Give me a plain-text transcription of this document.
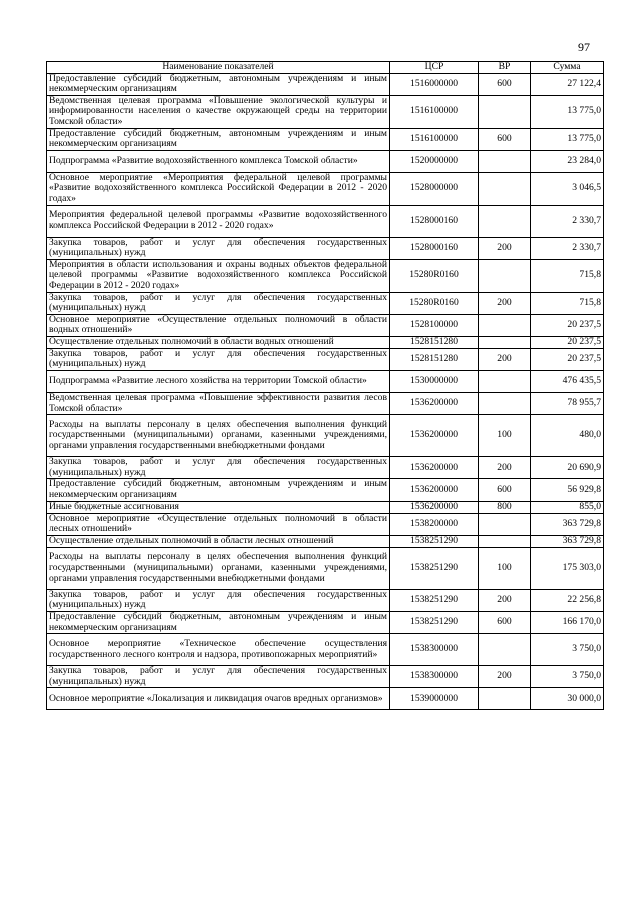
97
Наименование показателей	ЦСР	ВР	Сумма
Предоставление субсидий бюджетным, автономным учреждениям и иным некоммерческим организациям	1516000000	600	27 122,4
Ведомственная целевая программа «Повышение экологической культуры и информированности населения о качестве окружающей среды на территории Томской области»	1516100000		13 775,0
Предоставление субсидий бюджетным, автономным учреждениям и иным некоммерческим организациям	1516100000	600	13 775,0
Подпрограмма «Развитие водохозяйственного комплекса Томской области»	1520000000		23 284,0
Основное мероприятие «Мероприятия федеральной целевой программы «Развитие водохозяйственного комплекса Российской Федерации в 2012 - 2020 годах»	1528000000		3 046,5
Мероприятия федеральной целевой программы «Развитие водохозяйственного комплекса Российской Федерации в 2012 - 2020 годах»	1528000160		2 330,7
Закупка товаров, работ и услуг для обеспечения государственных (муниципальных) нужд	1528000160	200	2 330,7
Мероприятия в области использования и охраны водных объектов федеральной целевой программы «Развитие водохозяйственного комплекса Российской Федерации в 2012 - 2020 годах»	15280R0160		715,8
Закупка товаров, работ и услуг для обеспечения государственных (муниципальных) нужд	15280R0160	200	715,8
Основное мероприятие «Осуществление отдельных полномочий в области водных отношений»	1528100000		20 237,5
Осуществление отдельных полномочий в области водных отношений	1528151280		20 237,5
Закупка товаров, работ и услуг для обеспечения государственных (муниципальных) нужд	1528151280	200	20 237,5
Подпрограмма «Развитие лесного хозяйства на территории Томской области»	1530000000		476 435,5
Ведомственная целевая программа «Повышение эффективности развития лесов Томской области»	1536200000		78 955,7
Расходы на выплаты персоналу в целях обеспечения выполнения функций государственными (муниципальными) органами, казенными учреждениями, органами управления государственными внебюджетными фондами	1536200000	100	480,0
Закупка товаров, работ и услуг для обеспечения государственных (муниципальных) нужд	1536200000	200	20 690,9
Предоставление субсидий бюджетным, автономным учреждениям и иным некоммерческим организациям	1536200000	600	56 929,8
Иные бюджетные ассигнования	1536200000	800	855,0
Основное мероприятие «Осуществление отдельных полномочий в области лесных отношений»	1538200000		363 729,8
Осуществление отдельных полномочий в области лесных отношений	1538251290		363 729,8
Расходы на выплаты персоналу в целях обеспечения выполнения функций государственными (муниципальными) органами, казенными учреждениями, органами управления государственными внебюджетными фондами	1538251290	100	175 303,0
Закупка товаров, работ и услуг для обеспечения государственных (муниципальных) нужд	1538251290	200	22 256,8
Предоставление субсидий бюджетным, автономным учреждениям и иным некоммерческим организациям	1538251290	600	166 170,0
Основное мероприятие «Техническое обеспечение осуществления государственного лесного контроля и надзора, противопожарных мероприятий»	1538300000		3 750,0
Закупка товаров, работ и услуг для обеспечения государственных (муниципальных) нужд	1538300000	200	3 750,0
Основное мероприятие «Локализация и ликвидация очагов вредных организмов»	1539000000		30 000,0
